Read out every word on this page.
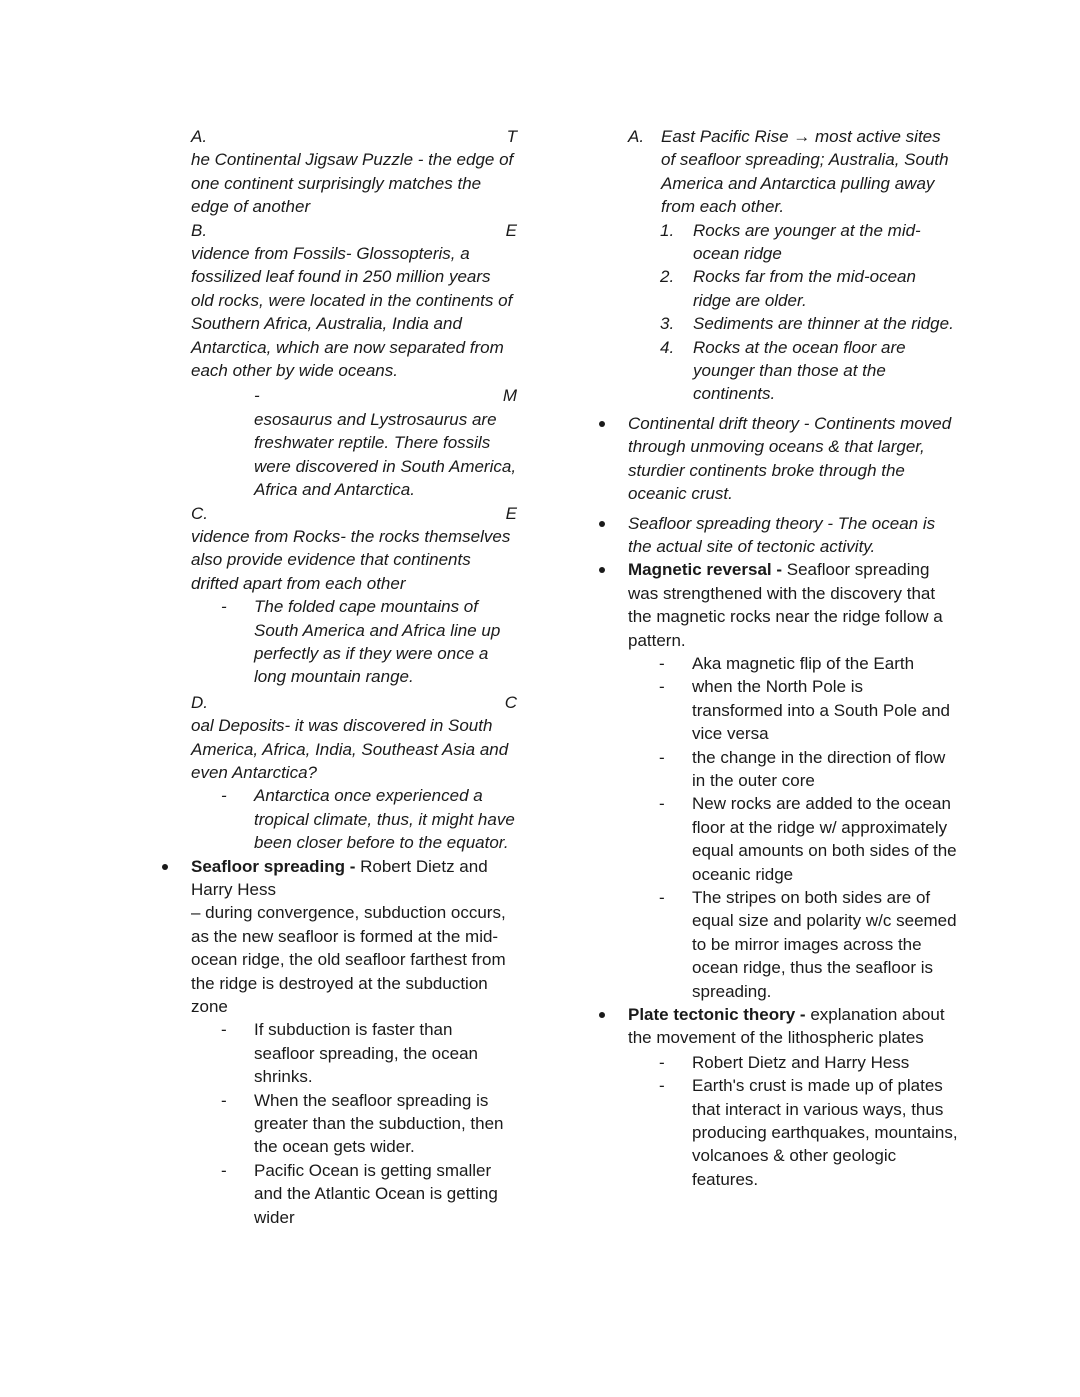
A.	T

he Continental Jigsaw Puzzle - the edge of one continent surprisingly matches the edge of another

B.	E

vidence from Fossils- Glossopteris, a fossilized leaf found in 250 million years old rocks, were located in the continents of Southern Africa, Australia, India and Antarctica, which are now separated from each other by wide oceans.

-	M

esosaurus and Lystrosaurus are freshwater reptile. There fossils were discovered in South America, Africa and Antarctica.

C.	E

vidence from Rocks- the rocks themselves also provide evidence that continents drifted apart from each other

- The folded cape mountains of South America and Africa line up perfectly as if they were once a long mountain range.

D.	C

oal Deposits- it was discovered in South America, Africa, India, Southeast Asia and even Antarctica?

- Antarctica once experienced a tropical climate, thus, it might have been closer before to the equator.

Seafloor spreading - Robert Dietz and Harry Hess

– during convergence, subduction occurs, as the new seafloor is formed at the mid-ocean ridge, the old seafloor farthest from the ridge is destroyed at the subduction zone

- If subduction is faster than seafloor spreading, the ocean shrinks.

- When the seafloor spreading is greater than the subduction, then the ocean gets wider.

- Pacific Ocean is getting smaller and the Atlantic Ocean is getting wider

A. East Pacific Rise → most active sites of seafloor spreading; Australia, South America and Antarctica pulling away from each other.

1. Rocks are younger at the mid-ocean ridge

2. Rocks far from the mid-ocean ridge are older.

3. Sediments are thinner at the ridge.

4. Rocks at the ocean floor are younger than those at the continents.

Continental drift theory - Continents moved through unmoving oceans & that larger, sturdier continents broke through the oceanic crust.

Seafloor spreading theory - The ocean is the actual site of tectonic activity.

Magnetic reversal - Seafloor spreading was strengthened with the discovery that the magnetic rocks near the ridge follow a pattern.

- Aka magnetic flip of the Earth

- when the North Pole is transformed into a South Pole and vice versa

- the change in the direction of flow in the outer core

- New rocks are added to the ocean floor at the ridge w/ approximately equal amounts on both sides of the oceanic ridge

- The stripes on both sides are of equal size and polarity w/c seemed to be mirror images across the ocean ridge, thus the seafloor is spreading.

Plate tectonic theory - explanation about the movement of the lithospheric plates

- Robert Dietz and Harry Hess

- Earth's crust is made up of plates that interact in various ways, thus producing earthquakes, mountains, volcanoes & other geologic features.
